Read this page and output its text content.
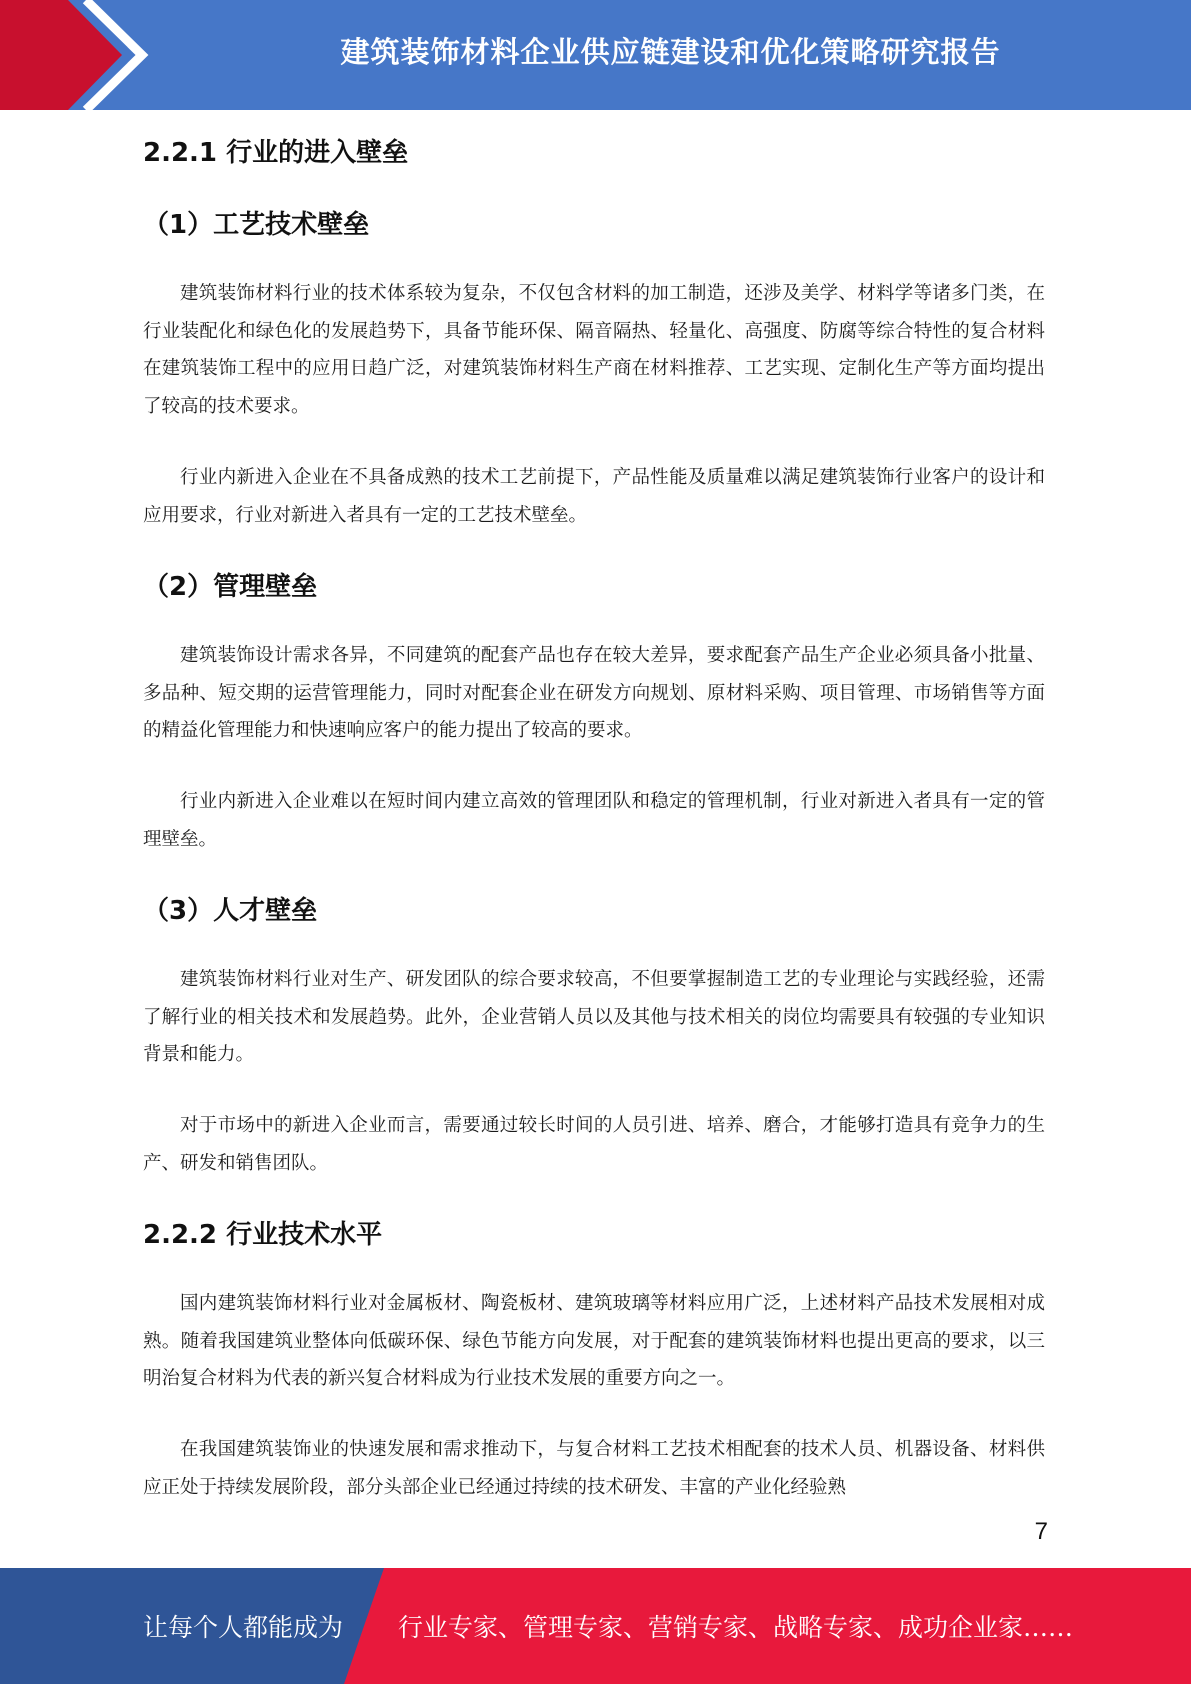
建筑装饰材料企业供应链建设和优化策略研究报告
2.2.1 行业的进入壁垒
（1）工艺技术壁垒
建筑装饰材料行业的技术体系较为复杂，不仅包含材料的加工制造，还涉及美学、材料学等诸多门类，在行业装配化和绿色化的发展趋势下，具备节能环保、隔音隔热、轻量化、高强度、防腐等综合特性的复合材料在建筑装饰工程中的应用日趋广泛，对建筑装饰材料生产商在材料推荐、工艺实现、定制化生产等方面均提出了较高的技术要求。
行业内新进入企业在不具备成熟的技术工艺前提下，产品性能及质量难以满足建筑装饰行业客户的设计和应用要求，行业对新进入者具有一定的工艺技术壁垒。
（2）管理壁垒
建筑装饰设计需求各异，不同建筑的配套产品也存在较大差异，要求配套产品生产企业必须具备小批量、多品种、短交期的运营管理能力，同时对配套企业在研发方向规划、原材料采购、项目管理、市场销售等方面的精益化管理能力和快速响应客户的能力提出了较高的要求。
行业内新进入企业难以在短时间内建立高效的管理团队和稳定的管理机制，行业对新进入者具有一定的管理壁垒。
（3）人才壁垒
建筑装饰材料行业对生产、研发团队的综合要求较高，不但要掌握制造工艺的专业理论与实践经验，还需了解行业的相关技术和发展趋势。此外，企业营销人员以及其他与技术相关的岗位均需要具有较强的专业知识背景和能力。
对于市场中的新进入企业而言，需要通过较长时间的人员引进、培养、磨合，才能够打造具有竞争力的生产、研发和销售团队。
2.2.2 行业技术水平
国内建筑装饰材料行业对金属板材、陶瓷板材、建筑玻璃等材料应用广泛，上述材料产品技术发展相对成熟。随着我国建筑业整体向低碳环保、绿色节能方向发展，对于配套的建筑装饰材料也提出更高的要求，以三明治复合材料为代表的新兴复合材料成为行业技术发展的重要方向之一。
在我国建筑装饰业的快速发展和需求推动下，与复合材料工艺技术相配套的技术人员、机器设备、材料供应正处于持续发展阶段，部分头部企业已经通过持续的技术研发、丰富的产业化经验熟
7
让每个人都能成为 行业专家、管理专家、营销专家、战略专家、成功企业家……
